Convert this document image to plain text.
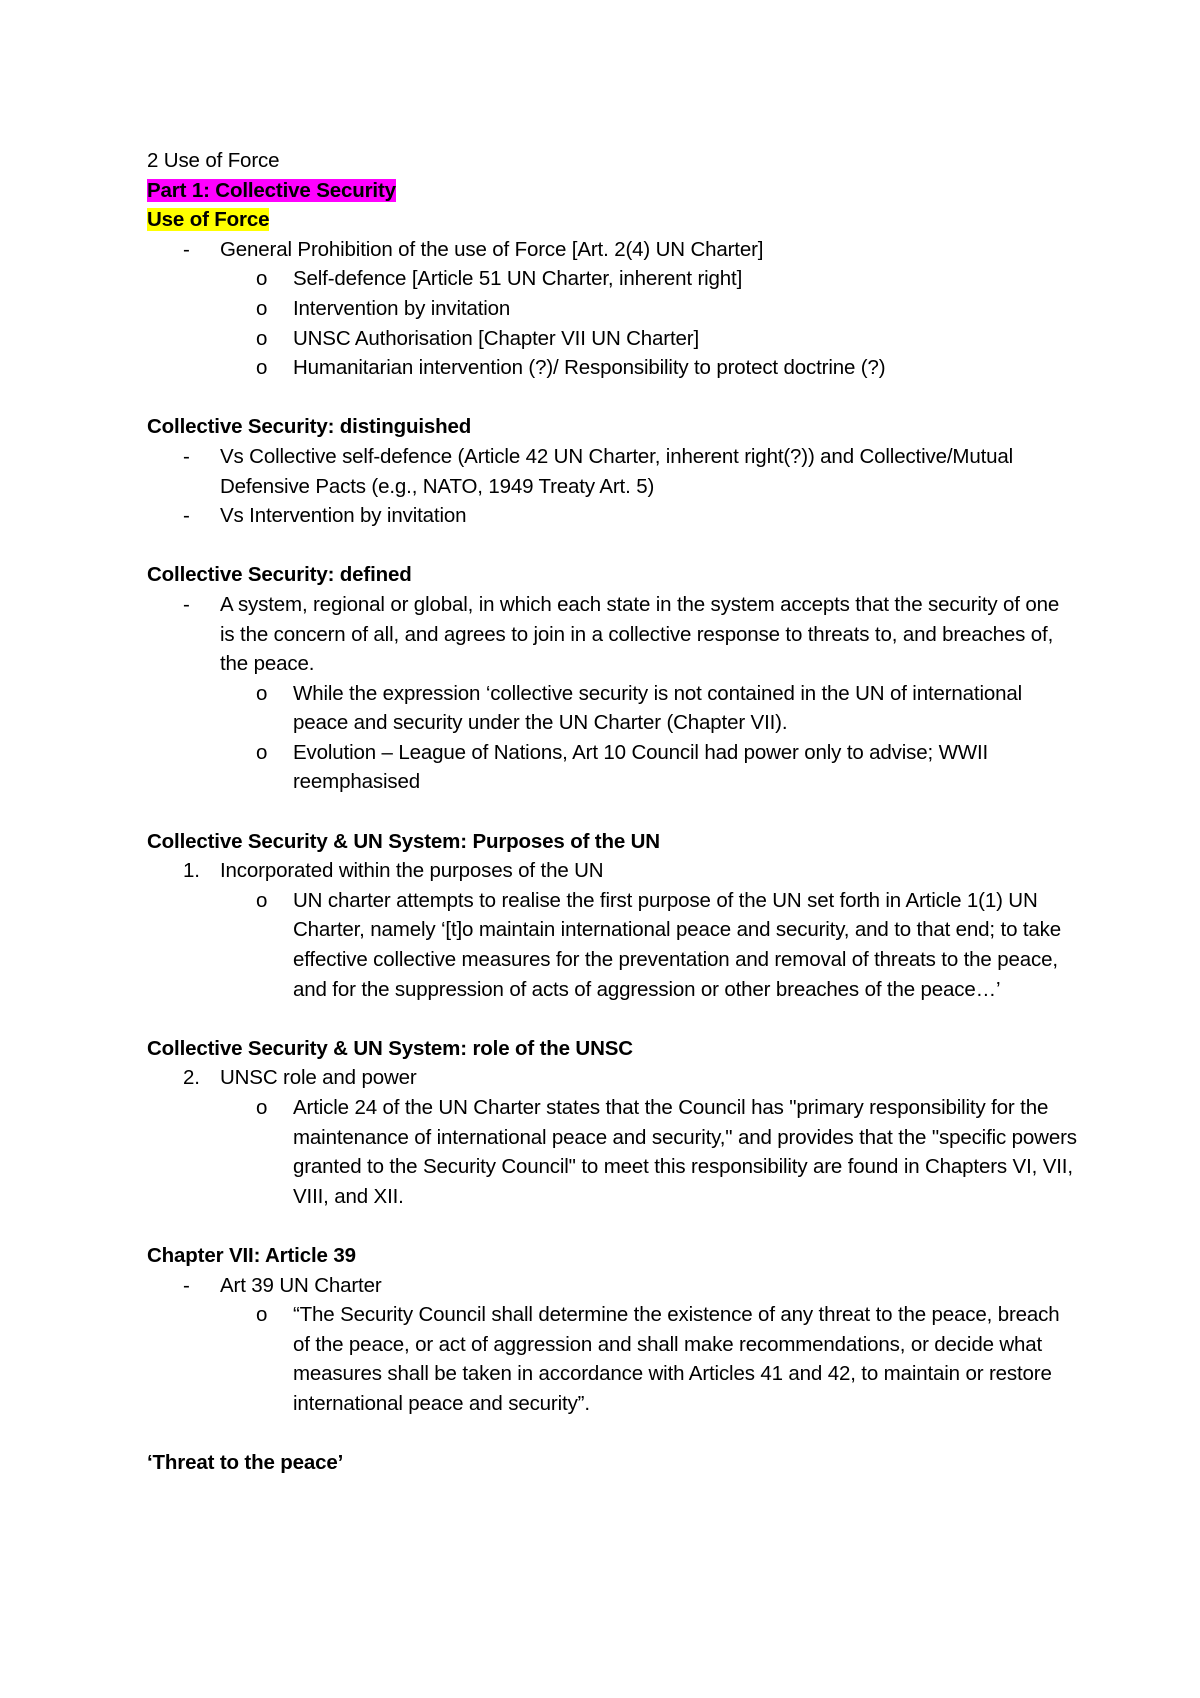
2 Use of Force
Part 1: Collective Security
Use of Force
- General Prohibition of the use of Force [Art. 2(4) UN Charter]
o Self-defence [Article 51 UN Charter, inherent right]
o Intervention by invitation
o UNSC Authorisation [Chapter VII UN Charter]
o Humanitarian intervention (?)/ Responsibility to protect doctrine (?)
Collective Security: distinguished
- Vs Collective self-defence (Article 42 UN Charter, inherent right(?)) and Collective/Mutual Defensive Pacts (e.g., NATO, 1949 Treaty Art. 5)
- Vs Intervention by invitation
Collective Security: defined
- A system, regional or global, in which each state in the system accepts that the security of one is the concern of all, and agrees to join in a collective response to threats to, and breaches of, the peace.
o While the expression ‘collective security is not contained in the UN of international peace and security under the UN Charter (Chapter VII).
o Evolution – League of Nations, Art 10 Council had power only to advise; WWII reemphasised
Collective Security & UN System: Purposes of the UN
1. Incorporated within the purposes of the UN
o UN charter attempts to realise the first purpose of the UN set forth in Article 1(1) UN Charter, namely ‘[t]o maintain international peace and security, and to that end; to take effective collective measures for the preventation and removal of threats to the peace, and for the suppression of acts of aggression or other breaches of the peace…’
Collective Security & UN System: role of the UNSC
2. UNSC role and power
o Article 24 of the UN Charter states that the Council has "primary responsibility for the maintenance of international peace and security," and provides that the "specific powers granted to the Security Council" to meet this responsibility are found in Chapters VI, VII, VIII, and XII.
Chapter VII: Article 39
- Art 39 UN Charter
o “The Security Council shall determine the existence of any threat to the peace, breach of the peace, or act of aggression and shall make recommendations, or decide what measures shall be taken in accordance with Articles 41 and 42, to maintain or restore international peace and security”.
‘Threat to the peace’
